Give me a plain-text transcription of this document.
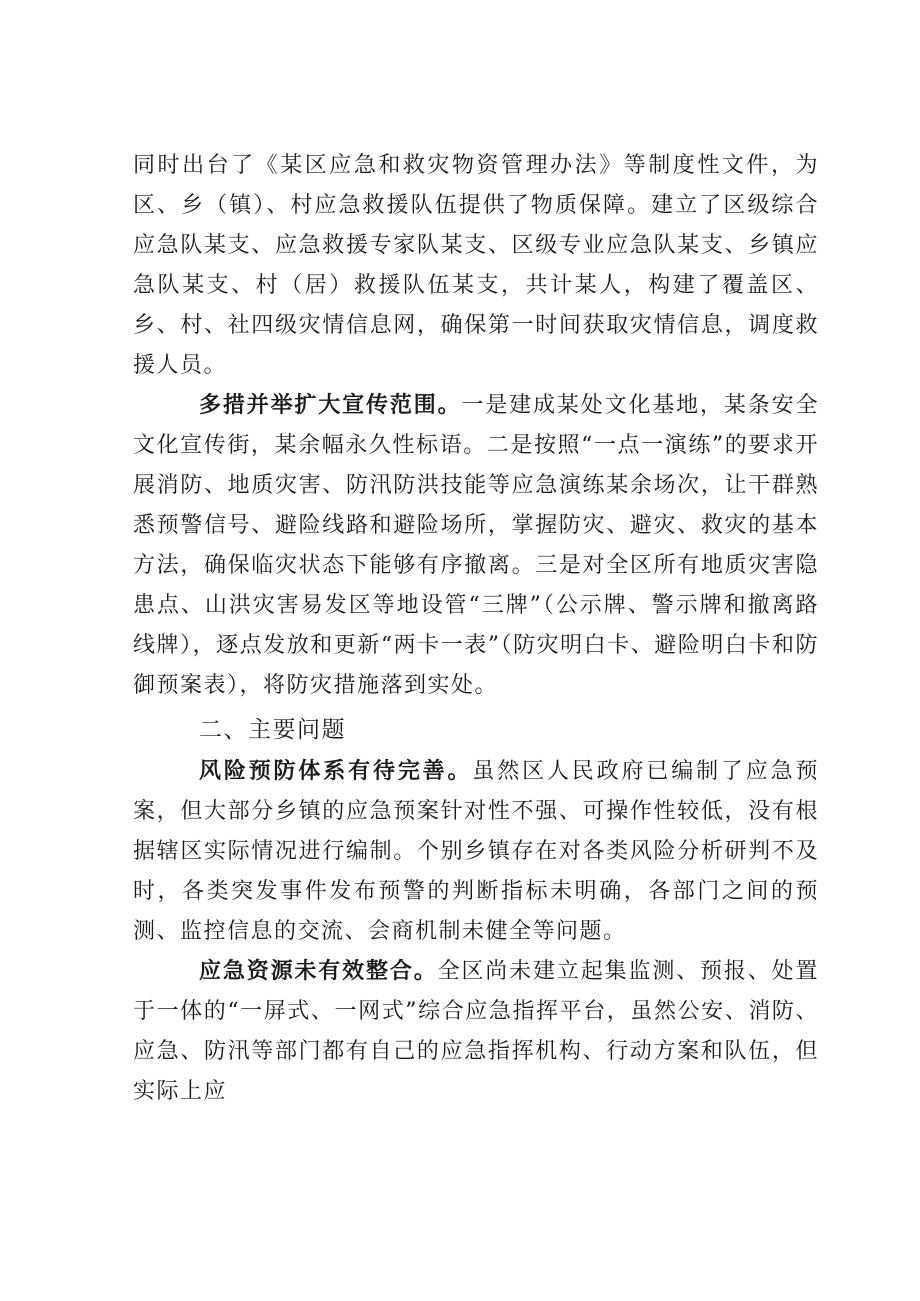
同时出台了《某区应急和救灾物资管理办法》等制度性文件，为区、乡（镇）、村应急救援队伍提供了物质保障。建立了区级综合应急队某支、应急救援专家队某支、区级专业应急队某支、乡镇应急队某支、村（居）救援队伍某支，共计某人，构建了覆盖区、乡、村、社四级灾情信息网，确保第一时间获取灾情信息，调度救援人员。

多措并举扩大宣传范围。一是建成某处文化基地，某条安全文化宣传街，某余幅永久性标语。二是按照“一点一演练”的要求开展消防、地质灾害、防汛防洪技能等应急演练某余场次，让干群熟悉预警信号、避险线路和避险场所，掌握防灾、避灾、救灾的基本方法，确保临灾状态下能够有序撤离。三是对全区所有地质灾害隐患点、山洪灾害易发区等地设管“三牌”（公示牌、警示牌和撤离路线牌），逐点发放和更新“两卡一表”（防灾明白卡、避险明白卡和防御预案表），将防灾措施落到实处。

二、主要问题

风险预防体系有待完善。虽然区人民政府已编制了应急预案，但大部分乡镇的应急预案针对性不强、可操作性较低，没有根据辖区实际情况进行编制。个别乡镇存在对各类风险分析研判不及时，各类突发事件发布预警的判断指标未明确，各部门之间的预测、监控信息的交流、会商机制未健全等问题。

应急资源未有效整合。全区尚未建立起集监测、预报、处置于一体的“一屏式、一网式”综合应急指挥平台，虽然公安、消防、应急、防汛等部门都有自己的应急指挥机构、行动方案和队伍，但实际上应
